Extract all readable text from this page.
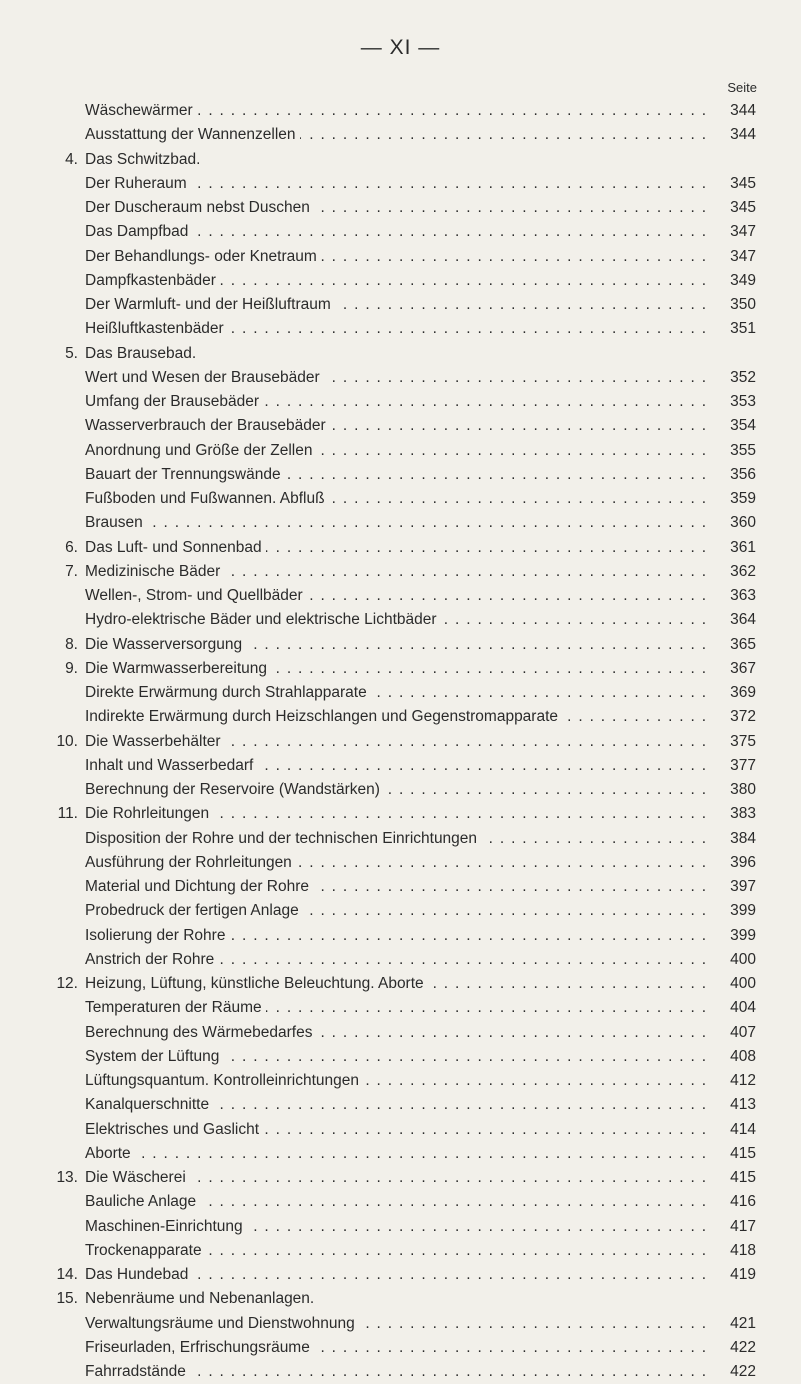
— XI —
Seite
Wäschewärmer . . .	344
Ausstattung der Wannenzellen . . .	344
4. Das Schwitzbad.
Der Ruheraum . . .	345
Der Duscheraum nebst Duschen . . .	345
Das Dampfbad . . .	347
Der Behandlungs- oder Knetraum . . .	347
Dampfkastenbäder . . .	349
Der Warmluft- und der Heißluftraum . . .	350
Heißluftkastenbäder . . .	351
5. Das Brausebad.
Wert und Wesen der Brausebäder . . .	352
Umfang der Brausebäder . . .	353
Wasserverbrauch der Brausebäder . . .	354
Anordnung und Größe der Zellen . . .	355
Bauart der Trennungswände . . .	356
Fußboden und Fußwannen. Abfluß . . .	359
Brausen . . .	360
6. Das Luft- und Sonnenbad . . .	361
7. Medizinische Bäder . . .	362
Wellen-, Strom- und Quellbäder . . .	363
Hydro-elektrische Bäder und elektrische Lichtbäder . . .	364
8. Die Wasserversorgung . . .	365
9. Die Warmwasserbereitung . . .	367
Direkte Erwärmung durch Strahlapparate . . .	369
Indirekte Erwärmung durch Heizschlangen und Gegenstromapparate . . .	372
10. Die Wasserbehälter . . .	375
Inhalt und Wasserbedarf . . .	377
Berechnung der Reservoire (Wandstärken) . . .	380
11. Die Rohrleitungen . . .	383
Disposition der Rohre und der technischen Einrichtungen . . .	384
Ausführung der Rohrleitungen . . .	396
Material und Dichtung der Rohre . . .	397
Probedruck der fertigen Anlage . . .	399
Isolierung der Rohre . . .	399
Anstrich der Rohre . . .	400
12. Heizung, Lüftung, künstliche Beleuchtung. Aborte . . .	400
Temperaturen der Räume . . .	404
Berechnung des Wärmebedarfes . . .	407
System der Lüftung . . .	408
Lüftungsquantum. Kontrolleinrichtungen . . .	412
Kanalquerschnitte . . .	413
Elektrisches und Gaslicht . . .	414
Aborte . . .	415
13. Die Wäscherei . . .	415
Bauliche Anlage . . .	416
Maschinen-Einrichtung . . .	417
Trockenapparate . . .	418
14. Das Hundebad . . .	419
15. Nebenräume und Nebenanlagen.
Verwaltungsräume und Dienstwohnung . . .	421
Friseurladen, Erfrischungsräume . . .	422
Fahrradstände . . .	422
